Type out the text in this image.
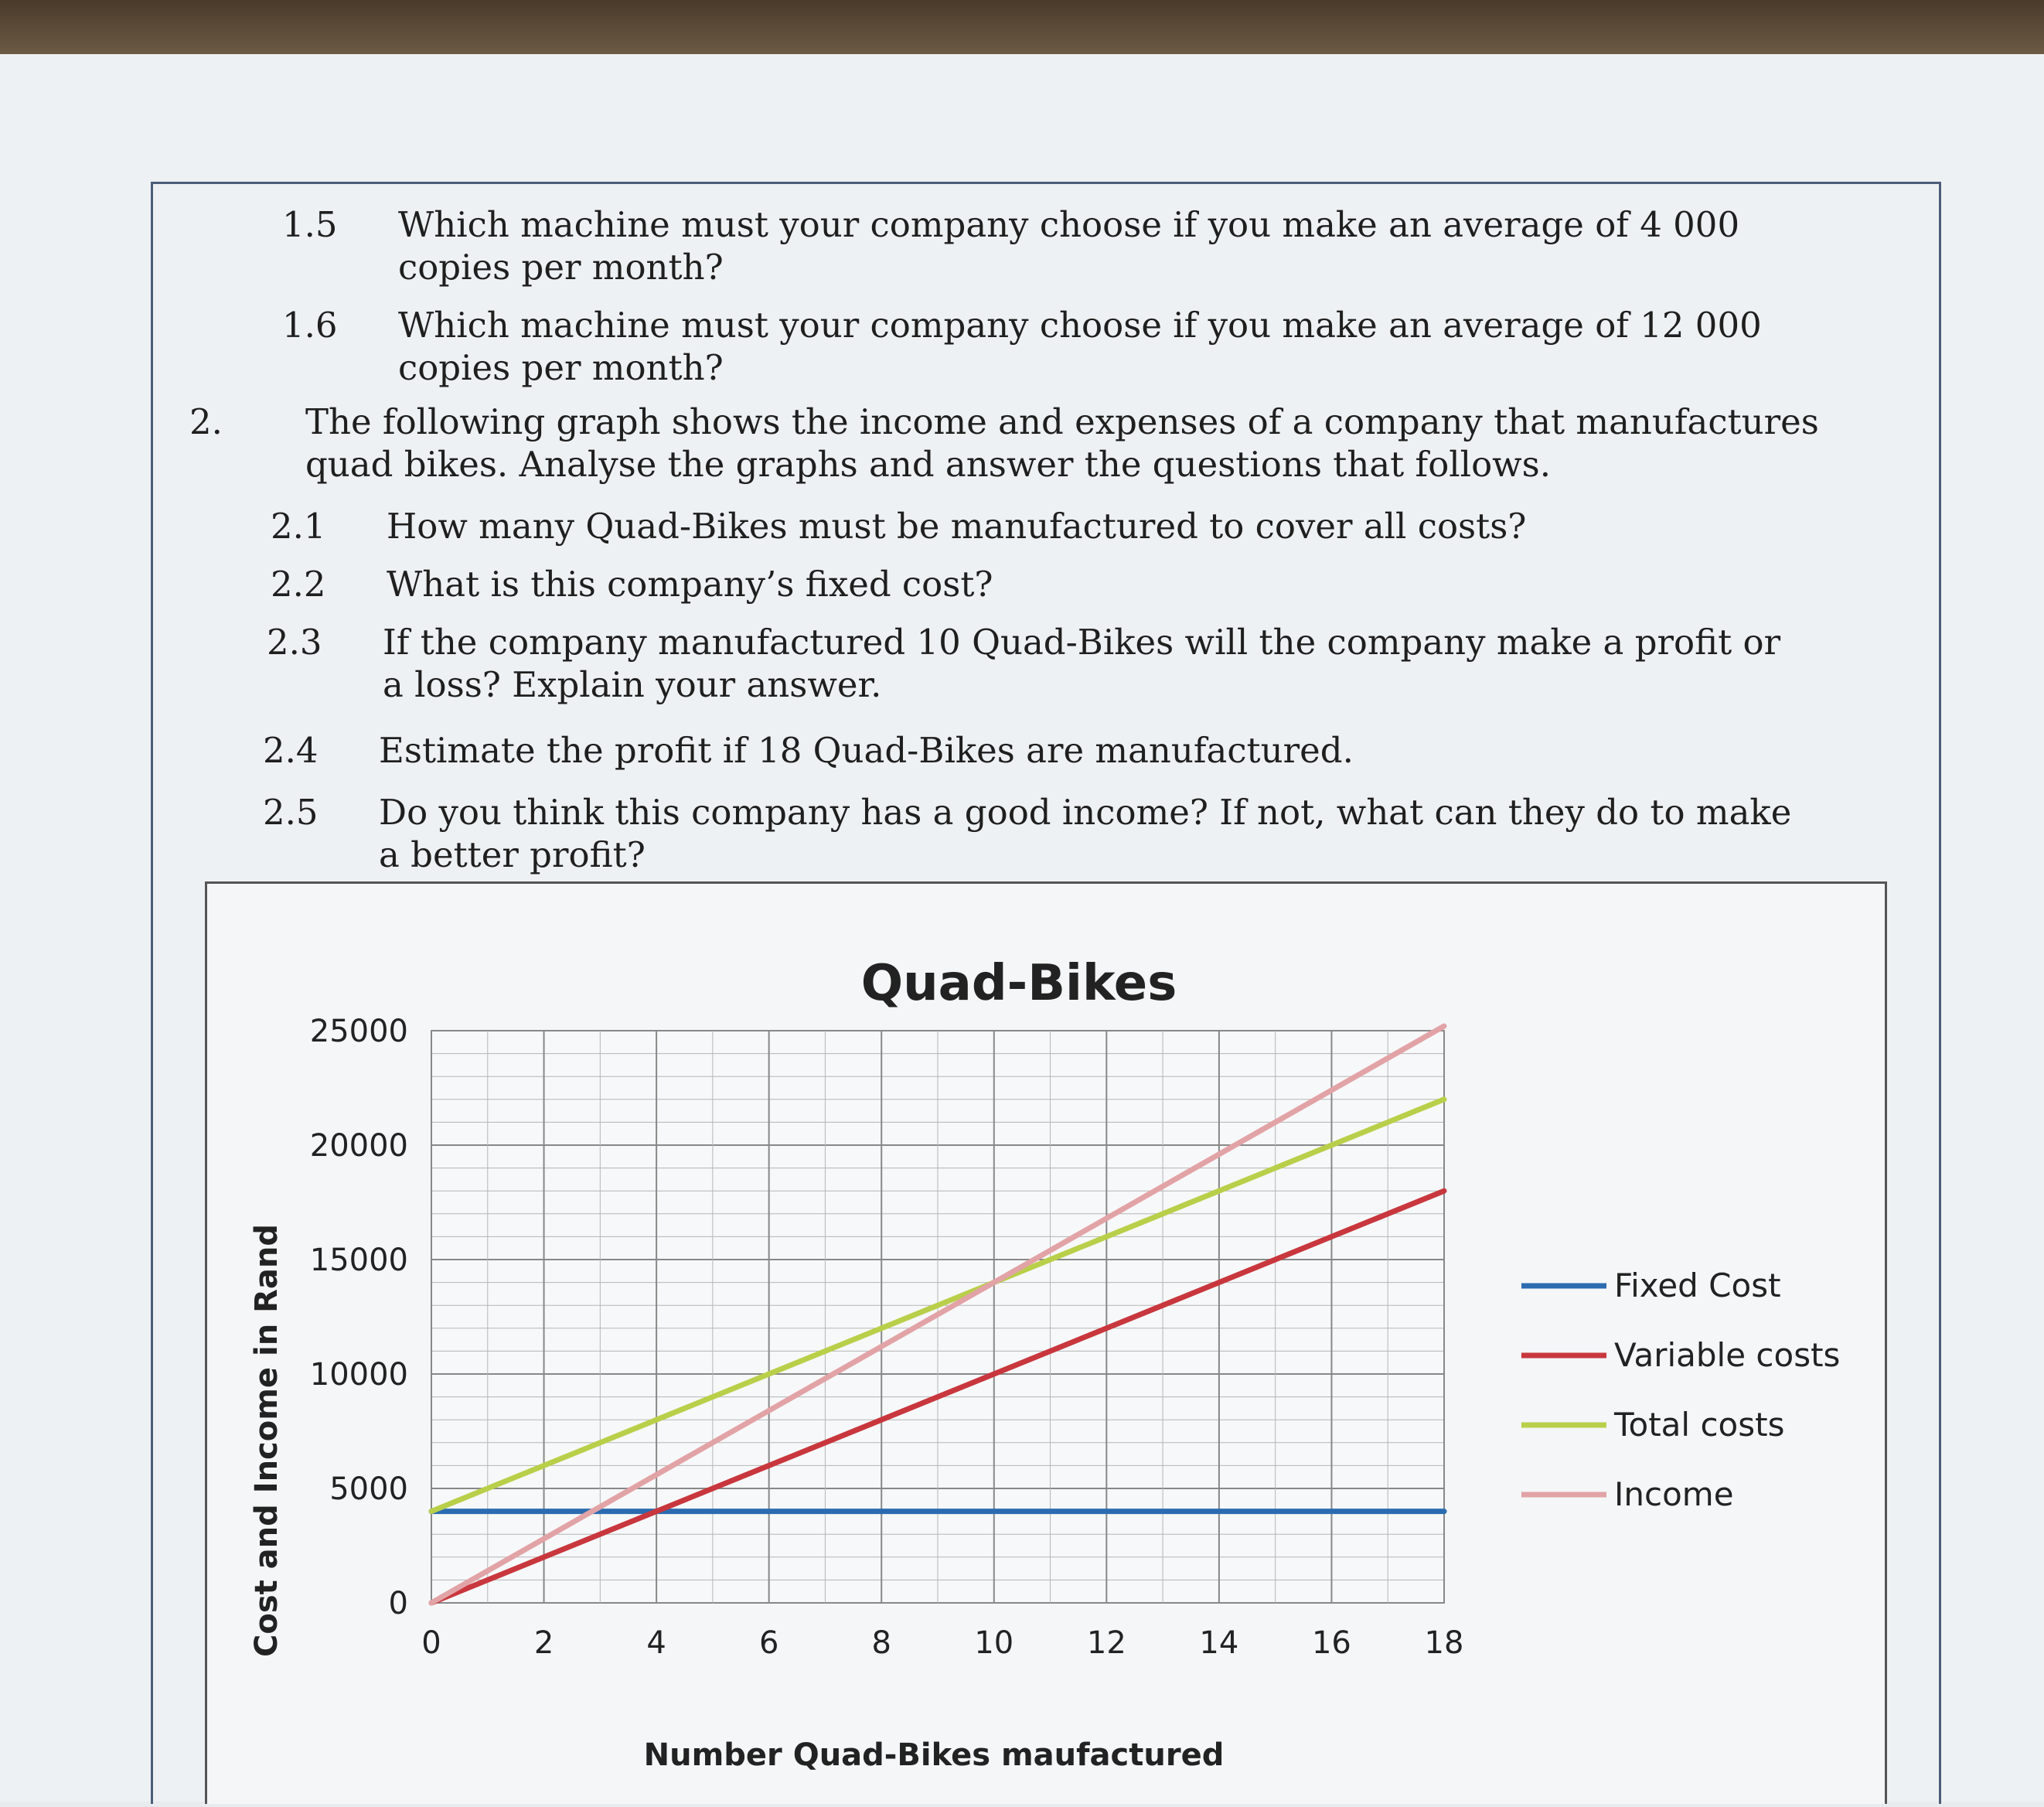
1.5 Which machine must your company choose if you make an average of 4 000
copies per month?
1.6 Which machine must your company choose if you make an average of 12 000
copies per month?
2. The following graph shows the income and expenses of a company that manufactures
quad bikes. Analyse the graphs and answer the questions that follows.
2.1 How many Quad-Bikes must be manufactured to cover all costs?
2.2 What is this company’s fixed cost?
2.3 If the company manufactured 10 Quad-Bikes will the company make a profit or
a loss? Explain your answer.
2.4 Estimate the profit if 18 Quad-Bikes are manufactured.
2.5 Do you think this company has a good income? If not, what can they do to make
a better profit?
Quad-Bikes
Cost and Income in Rand
Number Quad-Bikes maufactured
0
5000
10000
15000
20000
25000
0	2	4	6	8	10 12 14 16 18
Fixed Cost
Variable costs
Total costs
Income
